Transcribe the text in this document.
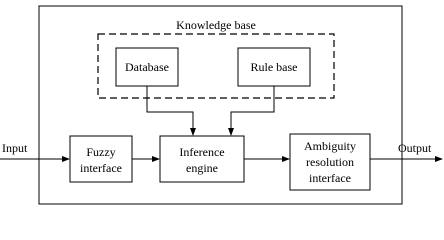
Knowledge base
Database	Rule base
Fuzzy
interface
Inference
engine
Ambiguity
resolution
interface
Input	Output
